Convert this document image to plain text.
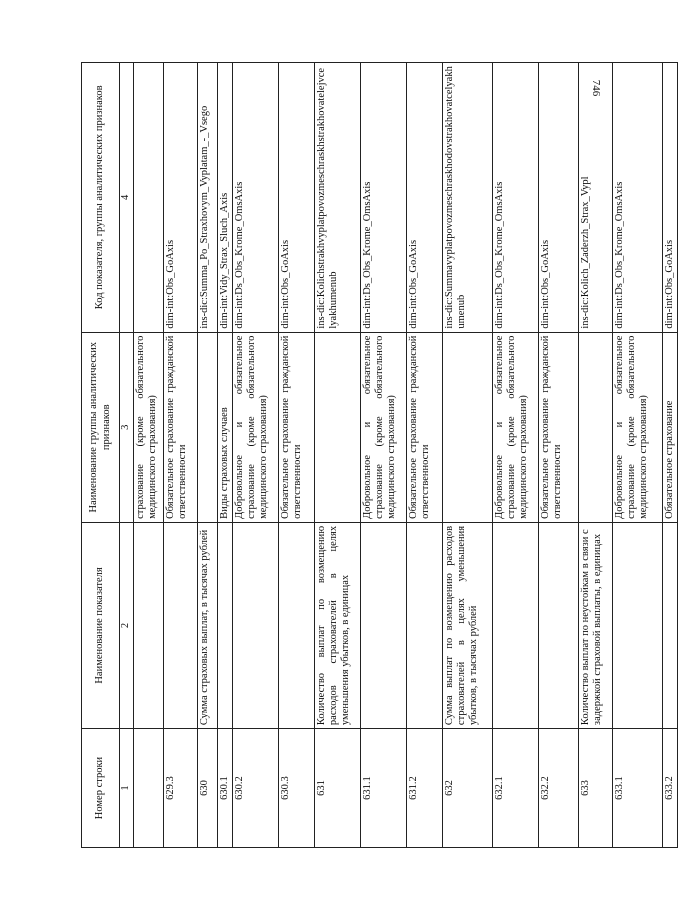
746
Номер строки	Наименование показателя	Наименование группы аналитических признаков	Код показателя, группы аналитических признаков
1	2	3	4
		страхование (кроме обязательного медицинского страхования)	
629.3		Обязательное страхование гражданской ответственности	dim-int:Obs_GoAxis
630	Сумма страховых выплат, в тысячах рублей		ins-dic:Summa_Po_Straxhovym_Vyplatam_-_Vsego
630.1		Виды страховых случаев	dim-int:Vidy_Strax_Sluch_Axis
630.2		Добровольное и обязательное страхование (кроме обязательного медицинского страхования)	dim-int:Ds_Obs_Krome_OmsAxis
630.3		Обязательное страхование гражданской ответственности	dim-int:Obs_GoAxis
631	Количество выплат по возмещению расходов страхователей в целях уменьшения убытков, в единицах		ins-dic:Kolichstrakhvyplatpovozmeschraskhstrakhovatelejvcelyakhumenub
631.1		Добровольное и обязательное страхование (кроме обязательного медицинского страхования)	dim-int:Ds_Obs_Krome_OmsAxis
631.2		Обязательное страхование гражданской ответственности	dim-int:Obs_GoAxis
632	Сумма выплат по возмещению расходов страхователей в целях уменьшения убытков, в тысячах рублей		ins-dic:Summavyplatpovozmeschraskhodovstrakhovatcelyakhumenub
632.1		Добровольное и обязательное страхование (кроме обязательного медицинского страхования)	dim-int:Ds_Obs_Krome_OmsAxis
632.2		Обязательное страхование гражданской ответственности	dim-int:Obs_GoAxis
633	Количество выплат по неустойкам в связи с задержкой страховой выплаты, в единицах		ins-dic:Kolich_Zaderzh_Strax_Vypl
633.1		Добровольное и обязательное страхование (кроме обязательного медицинского страхования)	dim-int:Ds_Obs_Krome_OmsAxis
633.2		Обязательное страхование	dim-int:Obs_GoAxis
